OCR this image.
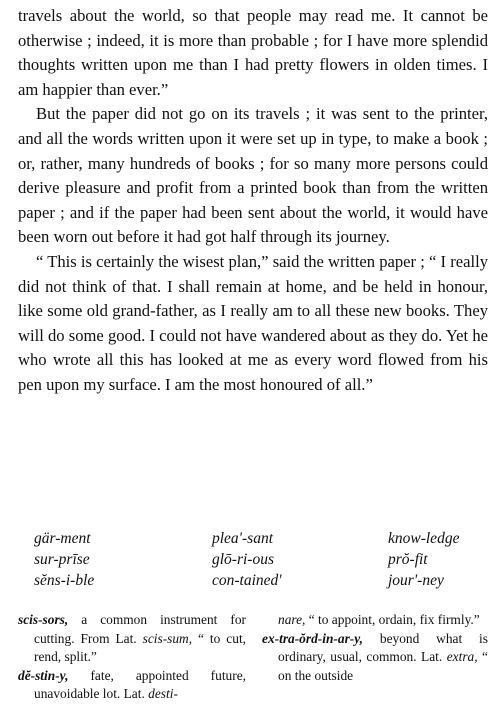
travels about the world, so that people may read me. It cannot be otherwise ; indeed, it is more than probable ; for I have more splendid thoughts written upon me than I had pretty flowers in olden times. I am happier than ever.”

But the paper did not go on its travels ; it was sent to the printer, and all the words written upon it were set up in type, to make a book ; or, rather, many hundreds of books ; for so many more persons could derive pleasure and profit from a printed book than from the written paper ; and if the paper had been sent about the world, it would have been worn out before it had got half through its journey.

“ This is certainly the wisest plan,” said the written paper ; “ I really did not think of that. I shall remain at home, and be held in honour, like some old grand-father, as I really am to all these new books. They will do some good. I could not have wandered about as they do. Yet he who wrote all this has looked at me as every word flowed from his pen upon my surface. I am the most honoured of all.”

gär-ment	plea'-sant	know-ledge
sur-prīse	glō-ri-ous	prŏ-fit
sĕns-i-ble	con-tained'	jour'-ney

scis-sors, a common instrument for cutting. From Lat. scis-sum, “ to cut, rend, split.”

dĕ-stin-y, fate, appointed future, unavoidable lot. Lat. desti-

nare, “ to appoint, ordain, fix firmly.”

ex-tra-ŏrd-in-ar-y, beyond what is ordinary, usual, common. Lat. extra, “ on the outside
